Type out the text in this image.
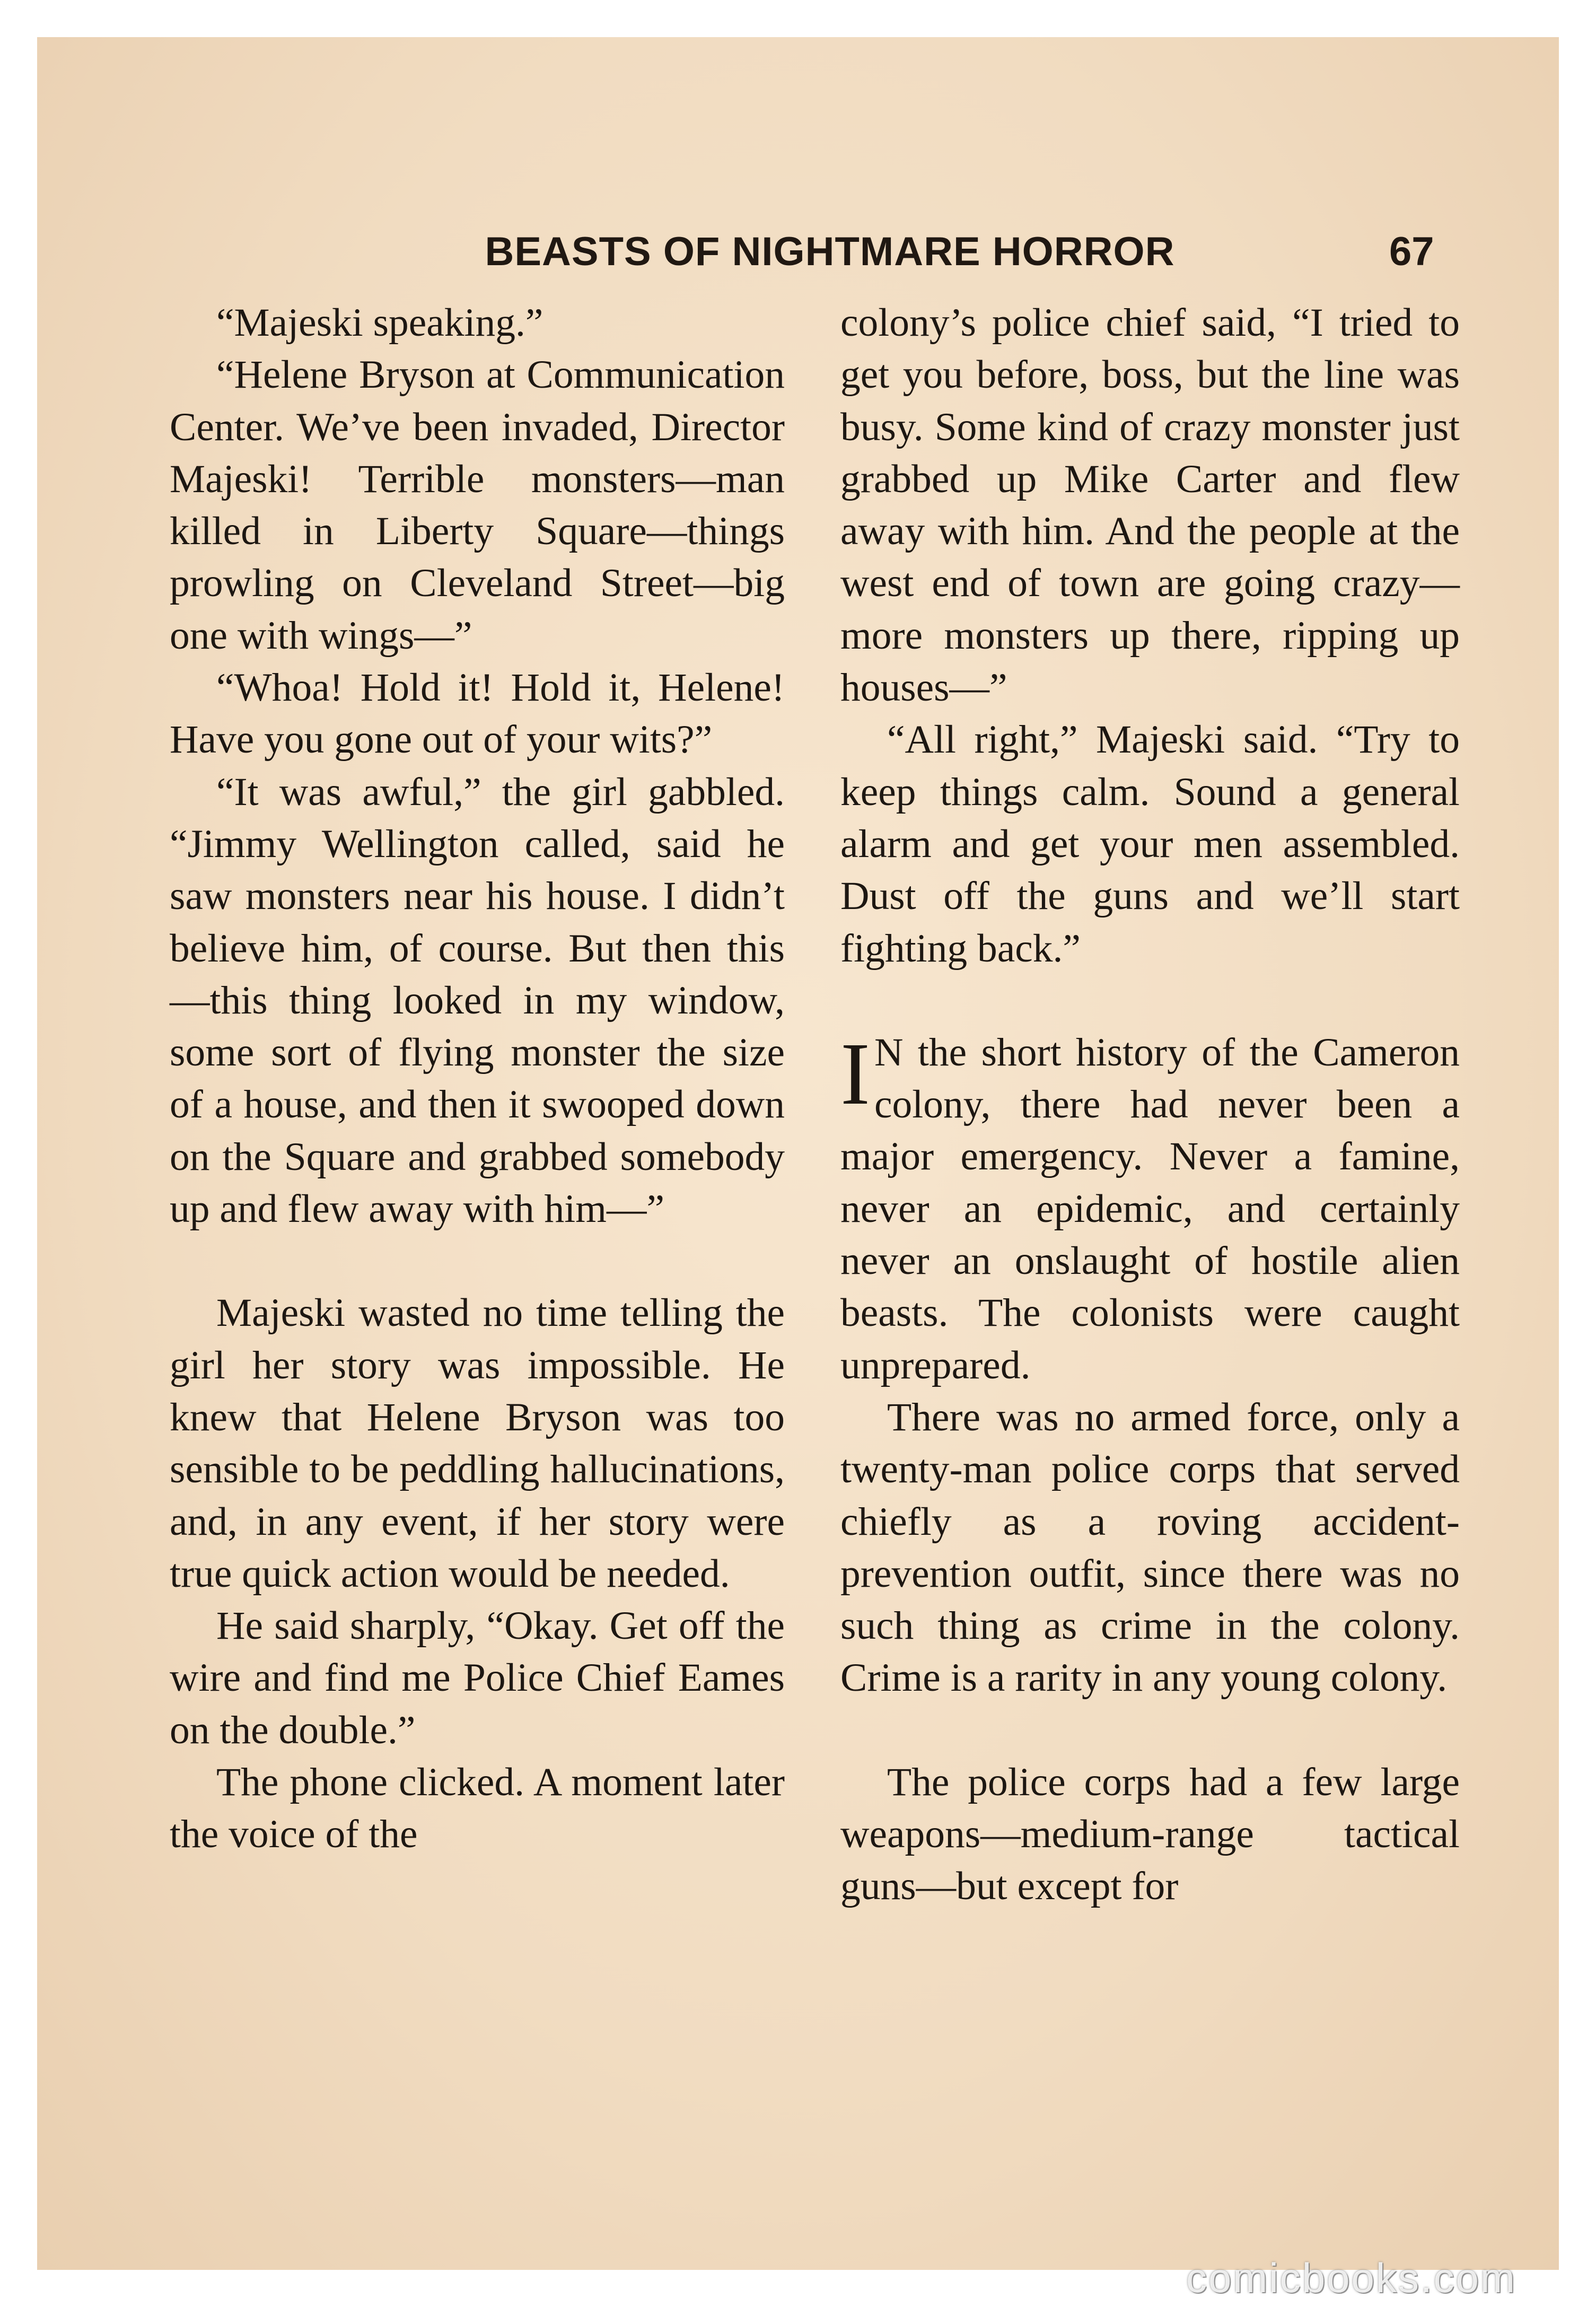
BEASTS OF NIGHTMARE HORROR	67

“Majeski speaking.”

“Helene Bryson at Communication Center. We’ve been invaded, Director Majeski! Terrible monsters—man killed in Liberty Square—things prowling on Cleveland Street—big one with wings—”

“Whoa! Hold it! Hold it, Helene! Have you gone out of your wits?”

“It was awful,” the girl gabbled. “Jimmy Wellington called, said he saw monsters near his house. I didn’t believe him, of course. But then this—this thing looked in my window, some sort of flying monster the size of a house, and then it swooped down on the Square and grabbed somebody up and flew away with him—”

Majeski wasted no time telling the girl her story was impossible. He knew that Helene Bryson was too sensible to be peddling hallucinations, and, in any event, if her story were true quick action would be needed.

He said sharply, “Okay. Get off the wire and find me Police Chief Eames on the double.”

The phone clicked. A moment later the voice of the

colony’s police chief said, “I tried to get you before, boss, but the line was busy. Some kind of crazy monster just grabbed up Mike Carter and flew away with him. And the people at the west end of town are going crazy—more monsters up there, ripping up houses—”

“All right,” Majeski said. “Try to keep things calm. Sound a general alarm and get your men assembled. Dust off the guns and we’ll start fighting back.”

I N the short history of the Cameron colony, there had never been a major emergency. Never a famine, never an epidemic, and certainly never an onslaught of hostile alien beasts. The colonists were caught unprepared.

There was no armed force, only a twenty-man police corps that served chiefly as a roving accident-prevention outfit, since there was no such thing as crime in the colony. Crime is a rarity in any young colony.

The police corps had a few large weapons—medium-range tactical guns—but except for

comicbooks.com
